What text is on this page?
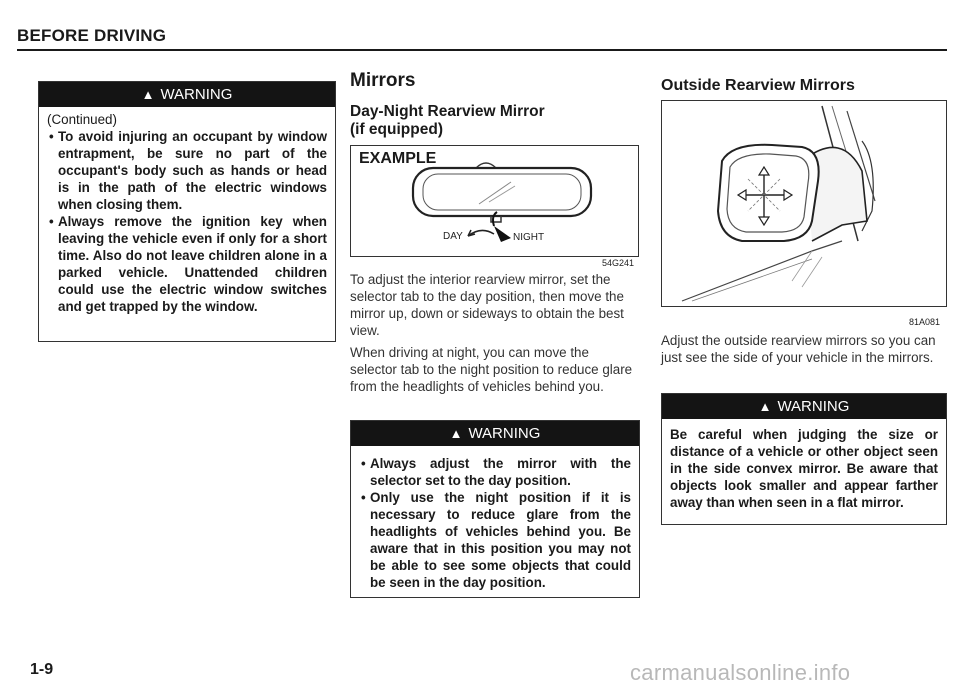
BEFORE DRIVING
▲ WARNING
(Continued)
• To avoid injuring an occupant by window entrapment, be sure no part of the occupant's body such as hands or head is in the path of the electric windows when closing them.
• Always remove the ignition key when leaving the vehicle even if only for a short time. Also do not leave children alone in a parked vehicle. Unattended children could use the electric window switches and get trapped by the window.
Mirrors
Day-Night Rearview Mirror
(if equipped)
EXAMPLE
DAY	NIGHT
54G241

To adjust the interior rearview mirror, set the selector tab to the day position, then move the mirror up, down or sideways to obtain the best view.

When driving at night, you can move the selector tab to the night position to reduce glare from the headlights of vehicles behind you.

▲ WARNING
• Always adjust the mirror with the selector set to the day position.
• Only use the night position if it is necessary to reduce glare from the headlights of vehicles behind you. Be aware that in this position you may not be able to see some objects that could be seen in the day position.
Outside Rearview Mirrors
81A081

Adjust the outside rearview mirrors so you can just see the side of your vehicle in the mirrors.

▲ WARNING

Be careful when judging the size or distance of a vehicle or other object seen in the side convex mirror. Be aware that objects look smaller and appear farther away than when seen in a flat mirror.

1-9	carmanualsonline.info
